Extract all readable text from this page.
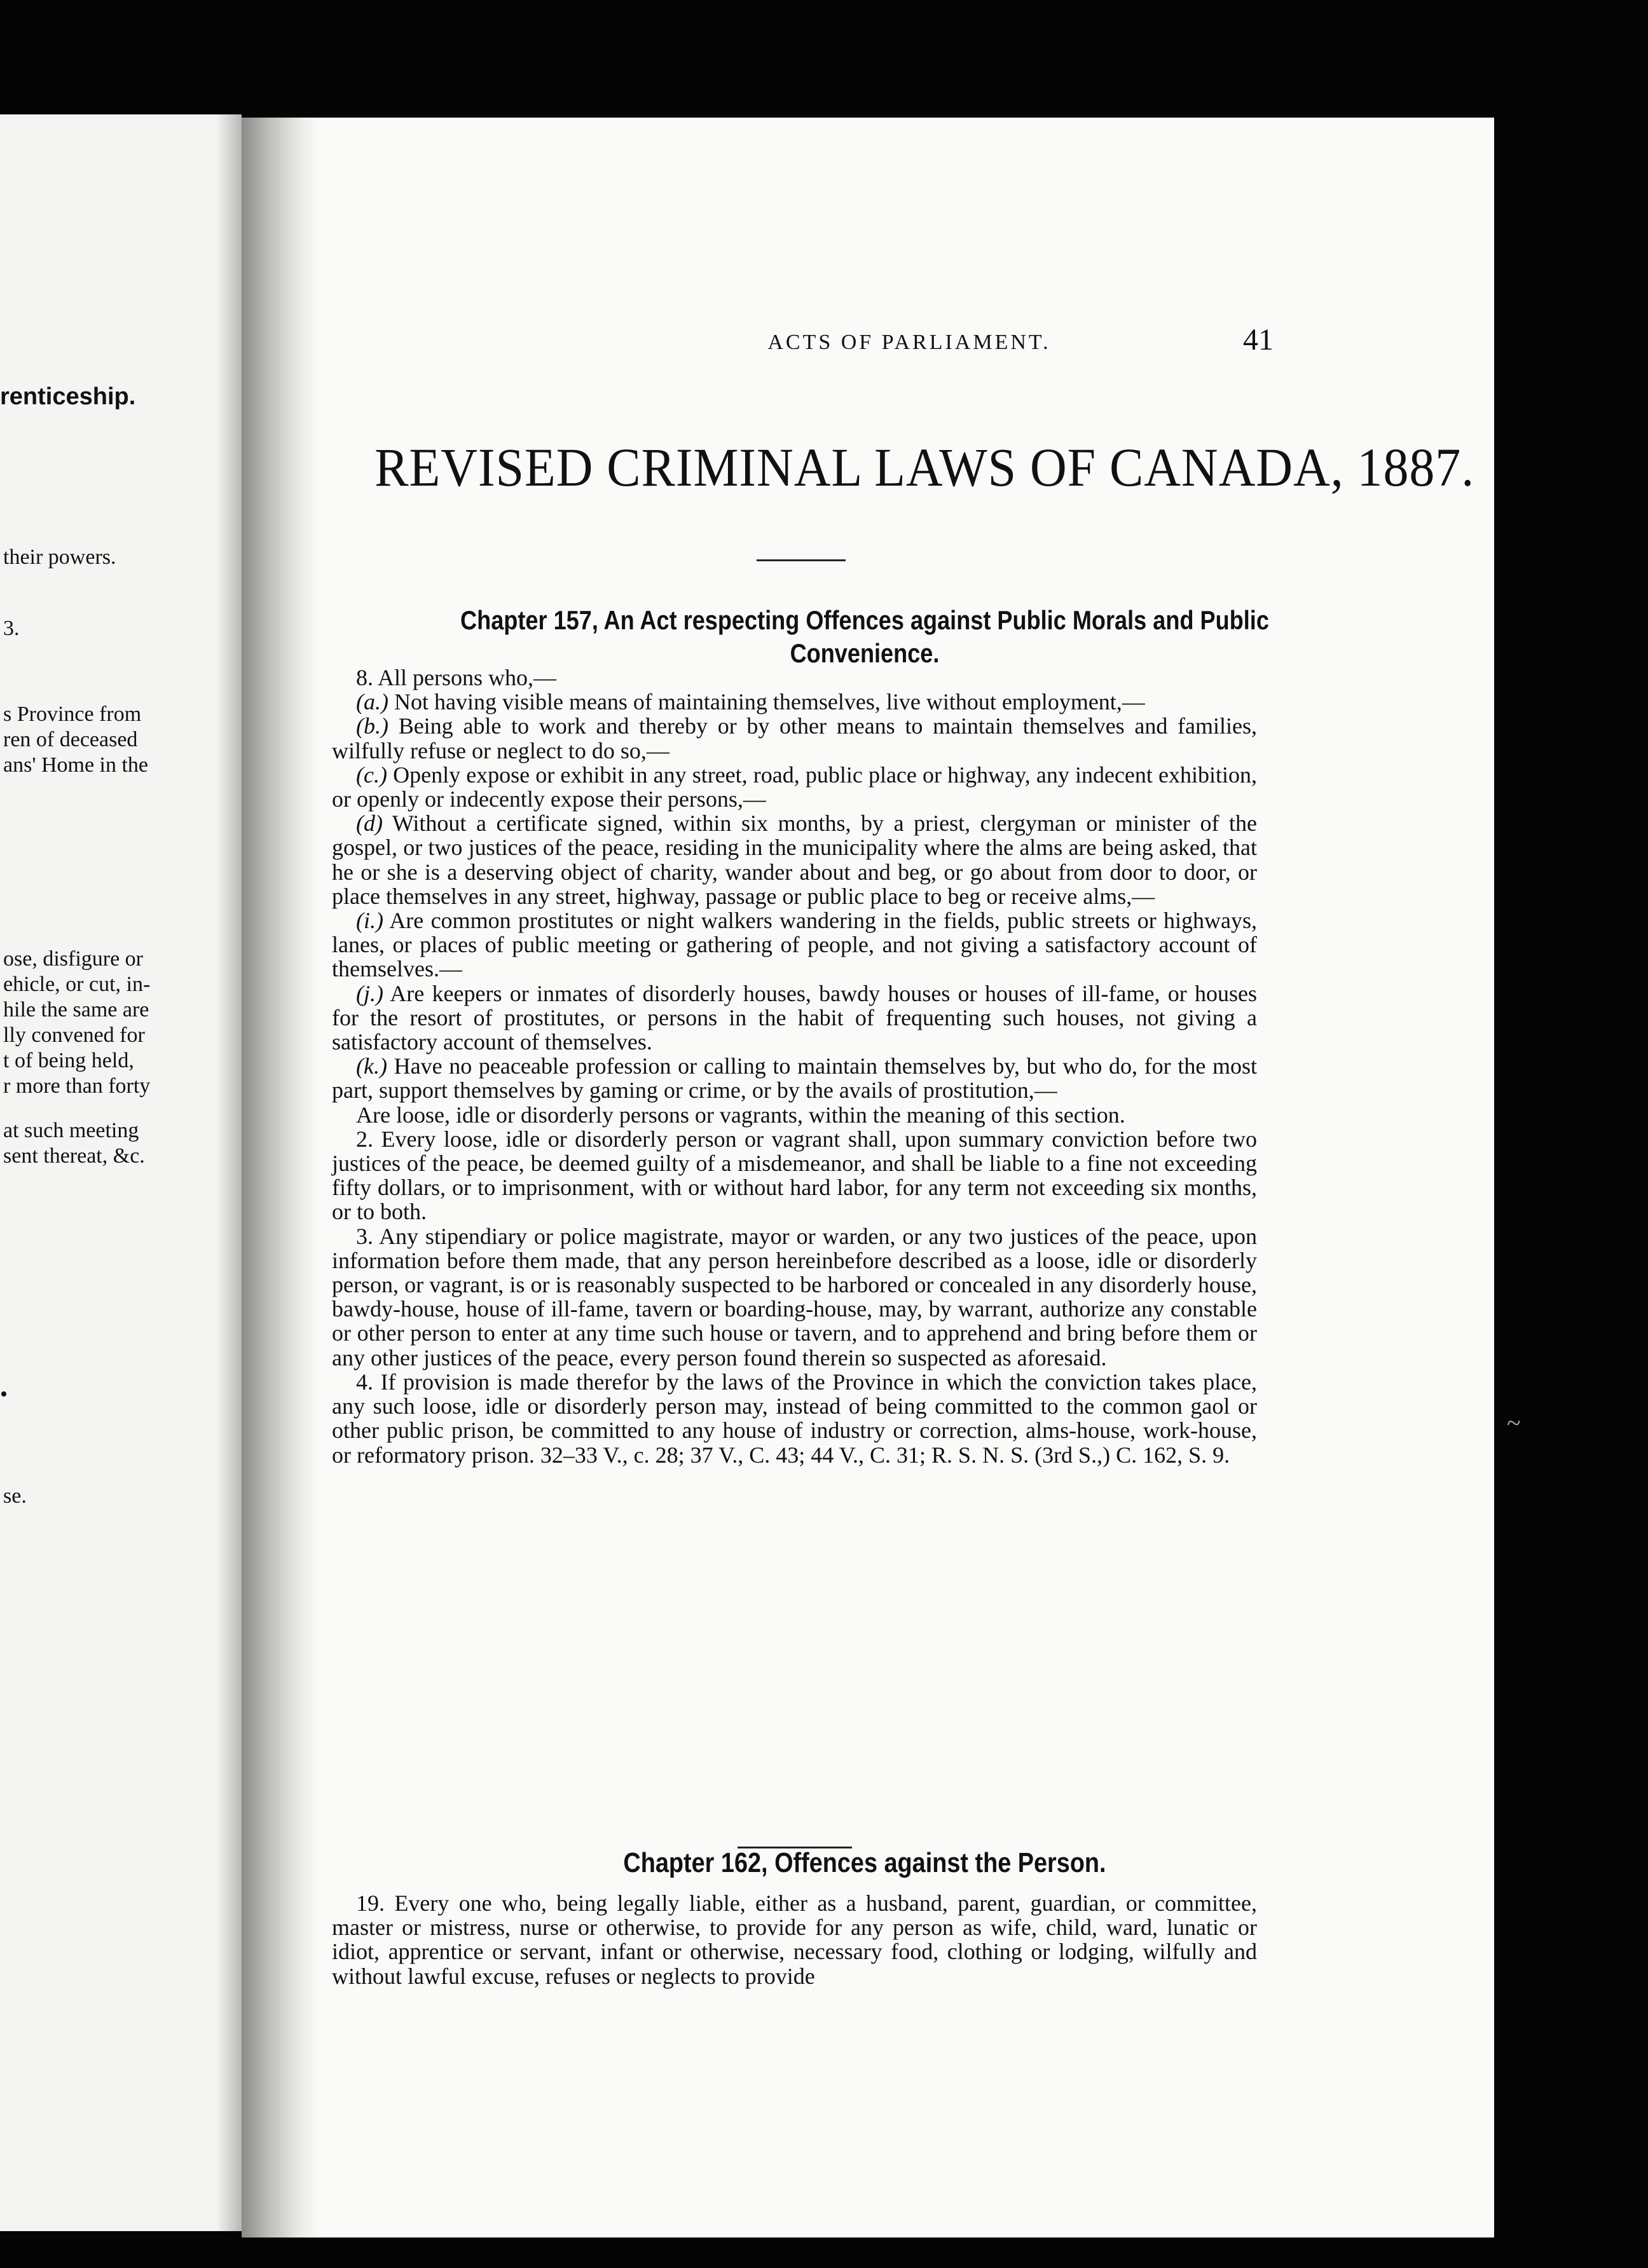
renticeship.
their powers.
3.
s Province from
ren of deceased
ans' Home in the
ose, disfigure or
ehicle, or cut, in-
hile the same are
lly convened for
t of being held,
r more than forty
at such meeting
sent thereat, &c.
•
se.
ACTS OF PARLIAMENT.	41
REVISED CRIMINAL LAWS OF CANADA, 1887.
Chapter 157, An Act respecting Offences against Public Morals and Public
Convenience.

8. All persons who,—

(a.) Not having visible means of maintaining themselves, live without employment,—

(b.) Being able to work and thereby or by other means to maintain themselves and families, wilfully refuse or neglect to do so,—

(c.) Openly expose or exhibit in any street, road, public place or highway, any indecent exhibition, or openly or indecently expose their persons,—

(d) Without a certificate signed, within six months, by a priest, clergyman or minister of the gospel, or two justices of the peace, residing in the municipality where the alms are being asked, that he or she is a deserving object of charity, wander about and beg, or go about from door to door, or place themselves in any street, highway, passage or public place to beg or receive alms,—

(i.) Are common prostitutes or night walkers wandering in the fields, public streets or highways, lanes, or places of public meeting or gathering of people, and not giving a satisfactory account of themselves.—

(j.) Are keepers or inmates of disorderly houses, bawdy houses or houses of ill-fame, or houses for the resort of prostitutes, or persons in the habit of frequenting such houses, not giving a satisfactory account of themselves.

(k.) Have no peaceable profession or calling to maintain themselves by, but who do, for the most part, support themselves by gaming or crime, or by the avails of prostitution,—

Are loose, idle or disorderly persons or vagrants, within the meaning of this section.

2. Every loose, idle or disorderly person or vagrant shall, upon summary conviction before two justices of the peace, be deemed guilty of a misdemeanor, and shall be liable to a fine not exceeding fifty dollars, or to imprisonment, with or without hard labor, for any term not exceeding six months, or to both.

3. Any stipendiary or police magistrate, mayor or warden, or any two justices of the peace, upon information before them made, that any person hereinbefore described as a loose, idle or disorderly person, or vagrant, is or is reasonably suspected to be harbored or concealed in any disorderly house, bawdy-house, house of ill-fame, tavern or boarding-house, may, by warrant, authorize any constable or other person to enter at any time such house or tavern, and to apprehend and bring before them or any other justices of the peace, every person found therein so suspected as aforesaid.

4. If provision is made therefor by the laws of the Province in which the conviction takes place, any such loose, idle or disorderly person may, instead of being committed to the common gaol or other public prison, be committed to any house of industry or correction, alms-house, work-house, or reformatory prison. 32–33 V., c. 28; 37 V., C. 43; 44 V., C. 31; R. S. N. S. (3rd S.,) C. 162, S. 9.

Chapter 162, Offences against the Person.

19. Every one who, being legally liable, either as a husband, parent, guardian, or committee, master or mistress, nurse or otherwise, to provide for any person as wife, child, ward, lunatic or idiot, apprentice or servant, infant or otherwise, necessary food, clothing or lodging, wilfully and without lawful excuse, refuses or neglects to provide

~
